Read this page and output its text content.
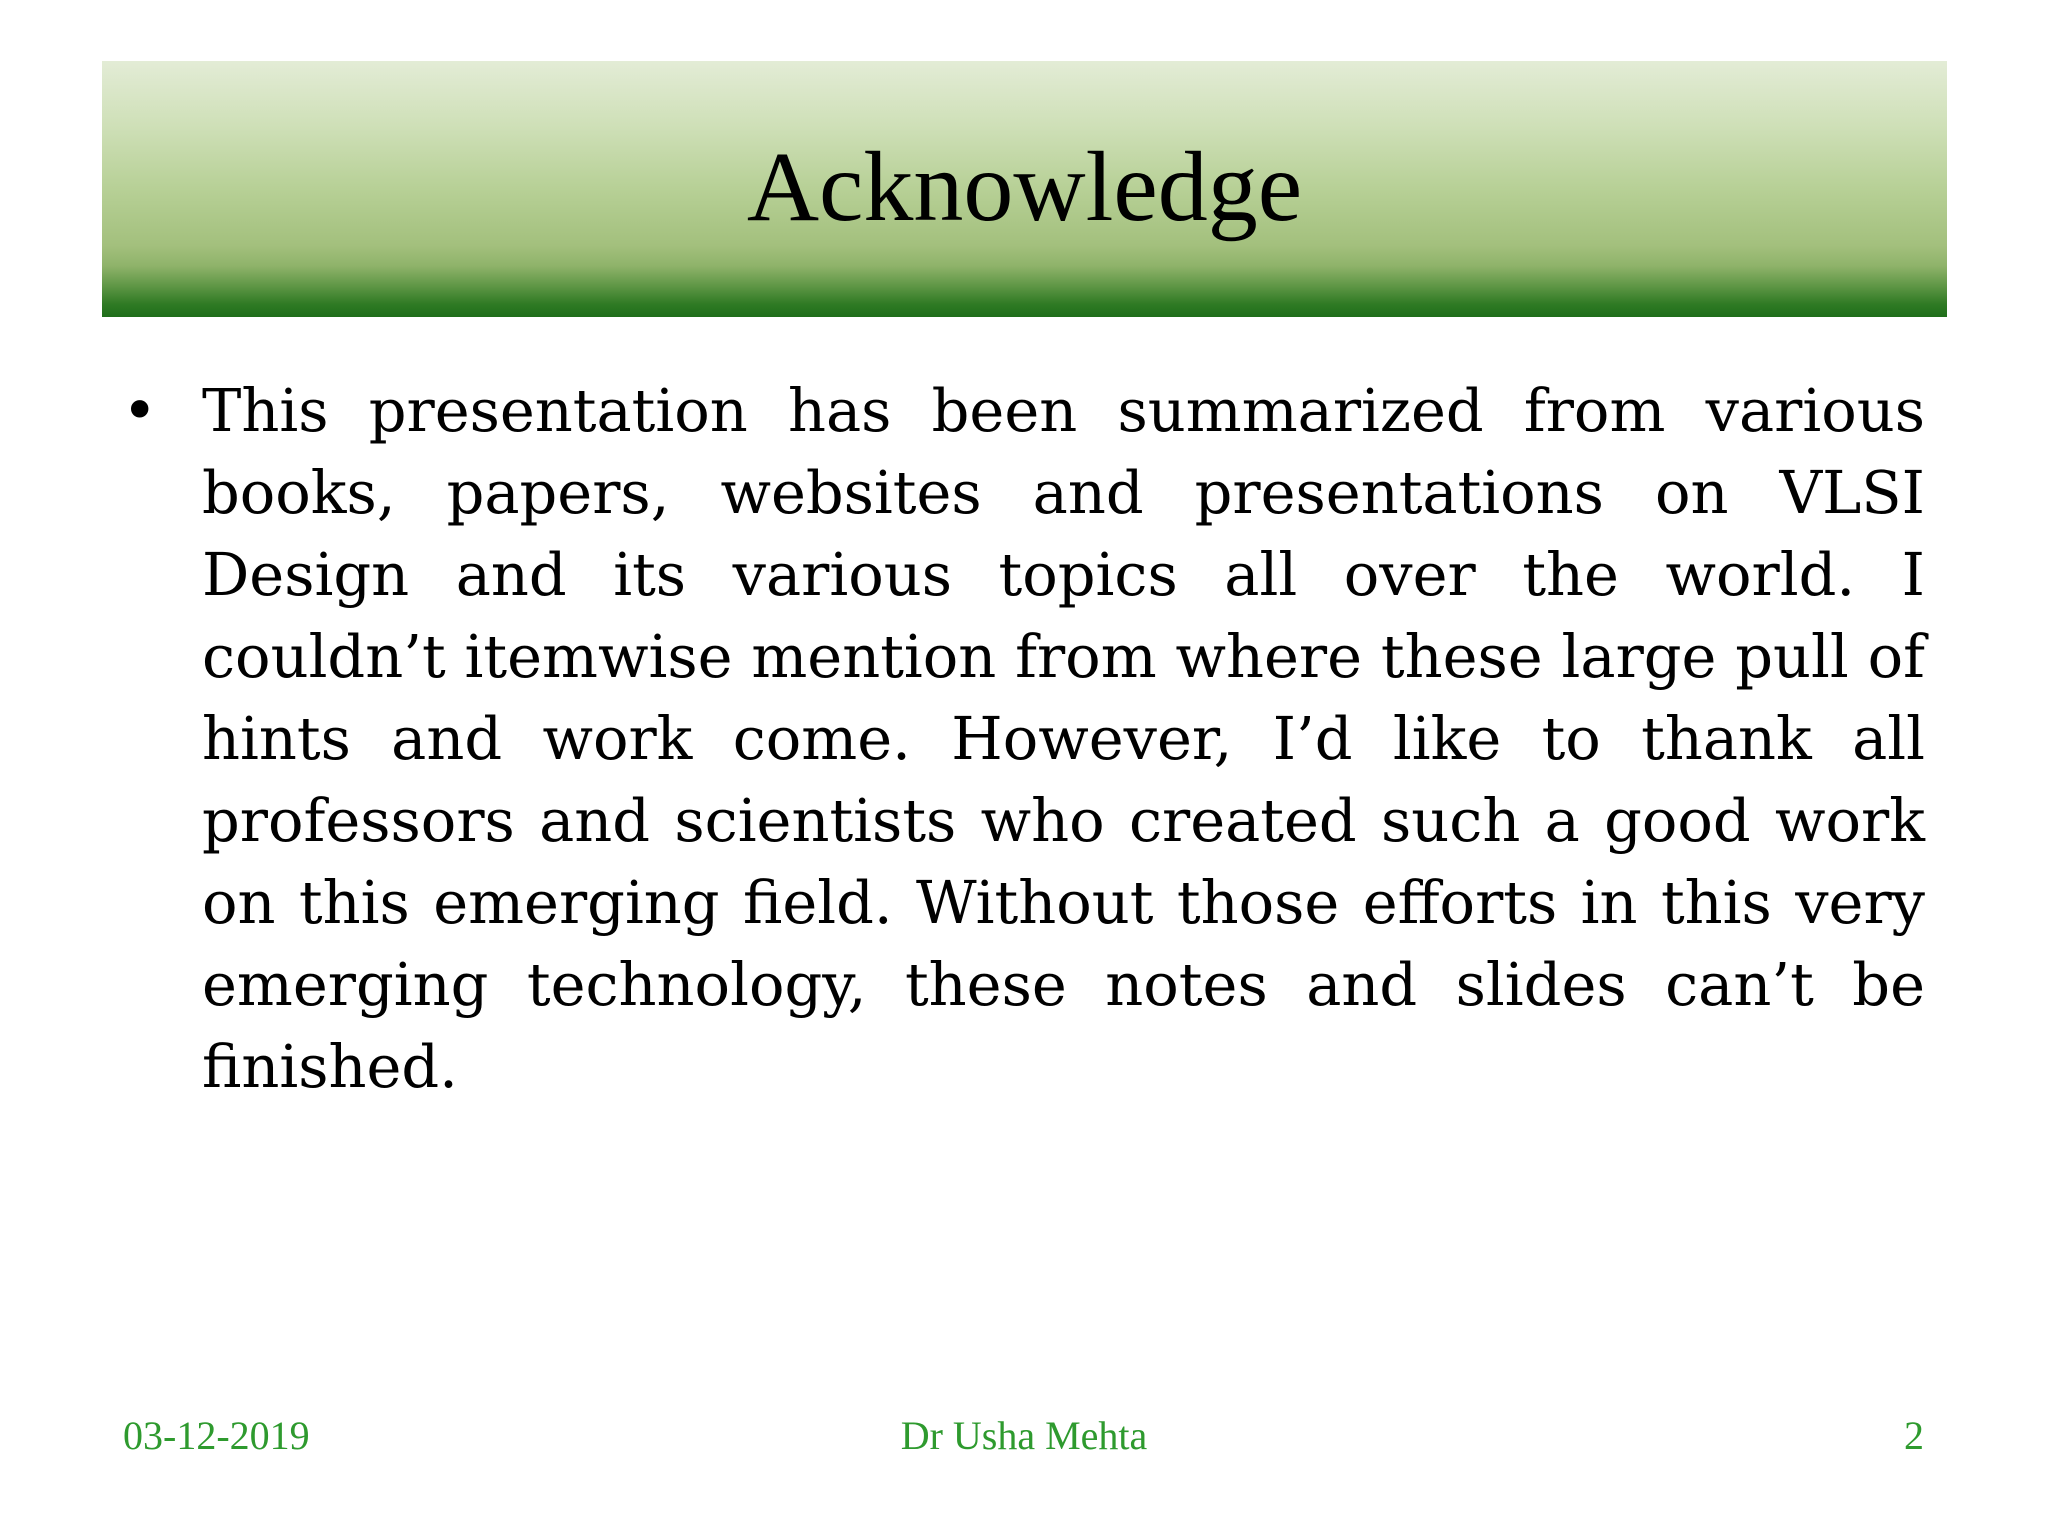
Acknowledge
• This presentation has been summarized from various books, papers, websites and presentations on VLSI Design and its various topics all over the world. I couldn’t itemwise mention from where these large pull of hints and work come. However, I’d like to thank all professors and scientists who created such a good work on this emerging field. Without those efforts in this very emerging technology, these notes and slides can’t be finished.

03-12-2019	Dr Usha Mehta	2
